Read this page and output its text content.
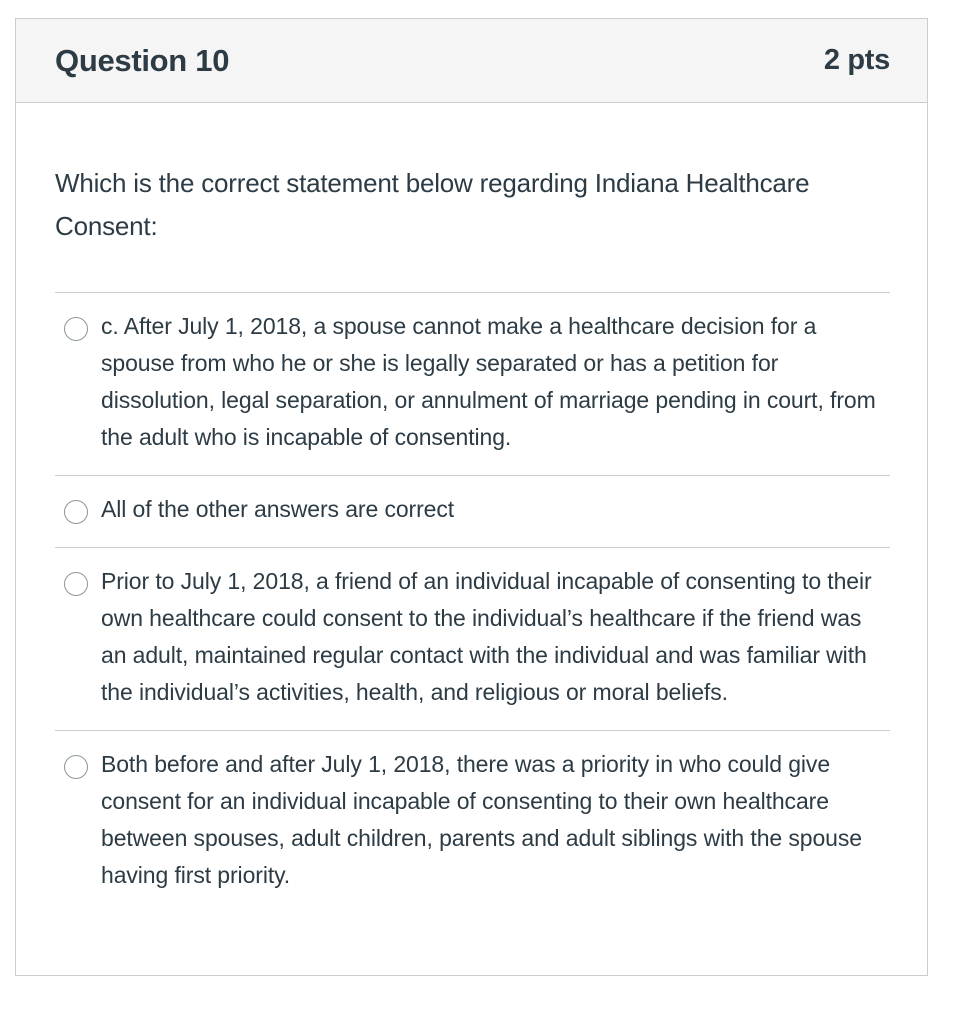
Question 10	2 pts
Which is the correct statement below regarding Indiana Healthcare Consent:
c. After July 1, 2018, a spouse cannot make a healthcare decision for a spouse from who he or she is legally separated or has a petition for dissolution, legal separation, or annulment of marriage pending in court, from the adult who is incapable of consenting.
All of the other answers are correct
Prior to July 1, 2018, a friend of an individual incapable of consenting to their own healthcare could consent to the individual’s healthcare if the friend was an adult, maintained regular contact with the individual and was familiar with the individual’s activities, health, and religious or moral beliefs.
Both before and after July 1, 2018, there was a priority in who could give consent for an individual incapable of consenting to their own healthcare between spouses, adult children, parents and adult siblings with the spouse having first priority.
